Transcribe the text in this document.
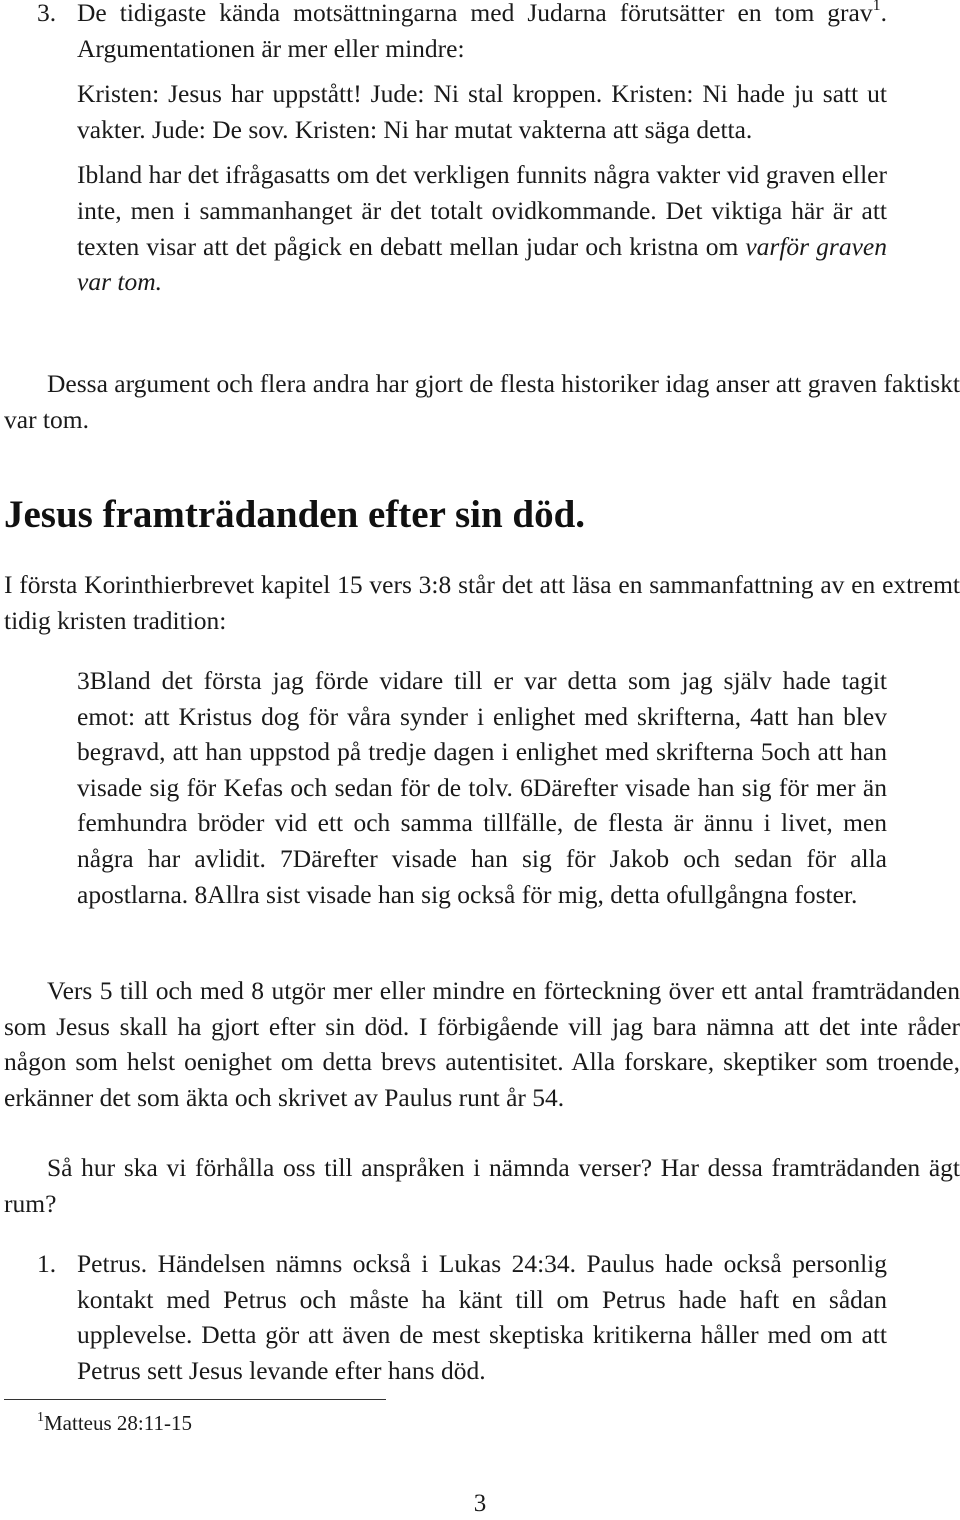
3. De tidigaste kända motsättningarna med Judarna förutsätter en tom grav$^1$. Argumentationen är mer eller mindre:

Kristen: Jesus har uppstått! Jude: Ni stal kroppen. Kristen: Ni hade ju satt ut vakter. Jude: De sov. Kristen: Ni har mutat vakterna att säga detta.

Ibland har det ifrågasatts om det verkligen funnits några vakter vid graven eller inte, men i sammanhanget är det totalt ovidkommande. Det viktiga här är att texten visar att det pågick en debatt mellan judar och kristna om varför graven var tom.

Dessa argument och flera andra har gjort de flesta historiker idag anser att graven faktiskt var tom.

Jesus framträdanden efter sin död.

I första Korinthierbrevet kapitel 15 vers 3:8 står det att läsa en sammanfattning av en extremt tidig kristen tradition:

3Bland det första jag förde vidare till er var detta som jag själv hade tagit emot: att Kristus dog för våra synder i enlighet med skrifterna, 4att han blev begravd, att han uppstod på tredje dagen i enlighet med skrifterna 5och att han visade sig för Kefas och sedan för de tolv. 6Därefter visade han sig för mer än femhundra bröder vid ett och samma tillfälle, de flesta är ännu i livet, men några har avlidit. 7Därefter visade han sig för Jakob och sedan för alla apostlarna. 8Allra sist visade han sig också för mig, detta ofullgångna foster.

Vers 5 till och med 8 utgör mer eller mindre en förteckning över ett antal framträdanden som Jesus skall ha gjort efter sin död. I förbigående vill jag bara nämna att det inte råder någon som helst oenighet om detta brevs autentisitet. Alla forskare, skeptiker som troende, erkänner det som äkta och skrivet av Paulus runt år 54.

Så hur ska vi förhålla oss till anspråken i nämnda verser? Har dessa framträdanden ägt rum?

1. Petrus. Händelsen nämns också i Lukas 24:34. Paulus hade också personlig kontakt med Petrus och måste ha känt till om Petrus hade haft en sådan upplevelse. Detta gör att även de mest skeptiska kritikerna håller med om att Petrus sett Jesus levande efter hans död.

$^1$Matteus 28:11-15
3
